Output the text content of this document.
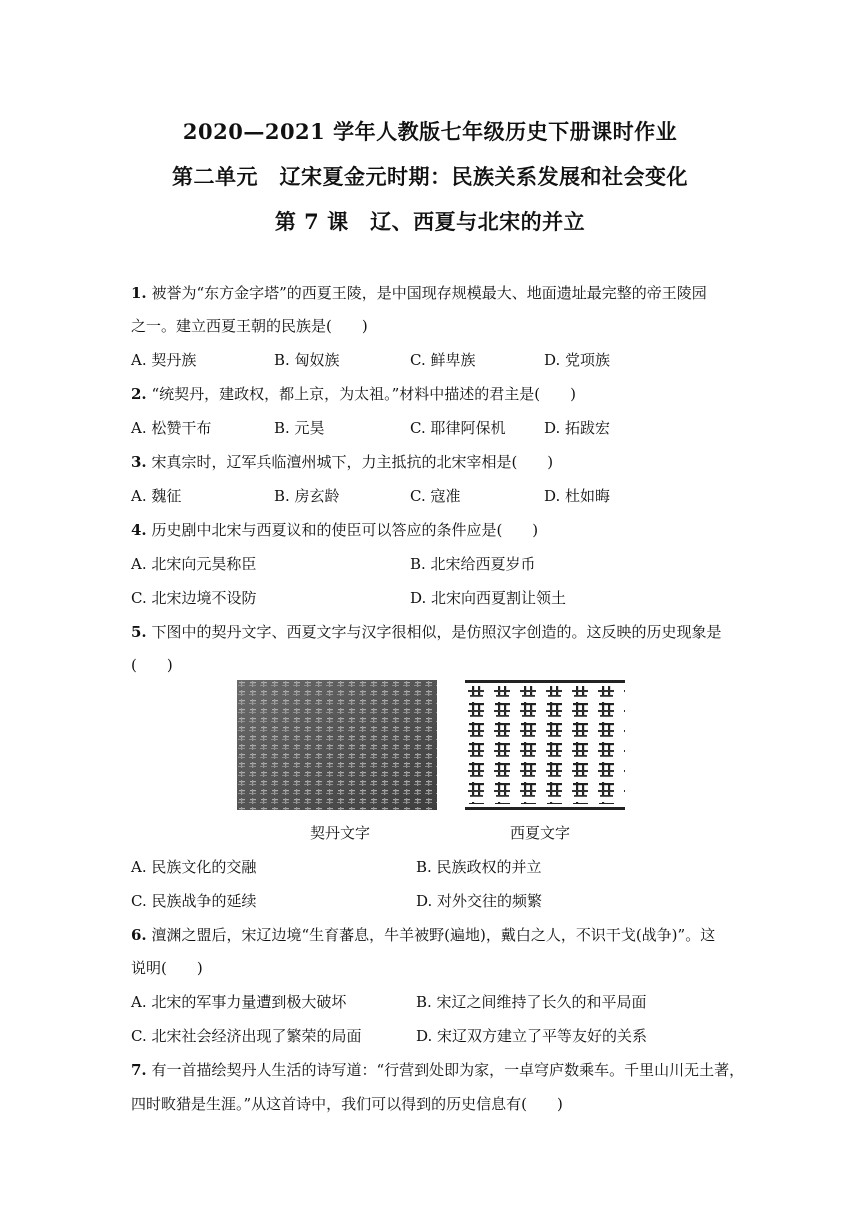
2020—2021 学年人教版七年级历史下册课时作业
第二单元　辽宋夏金元时期：民族关系发展和社会变化
第 7 课　辽、西夏与北宋的并立
1. 被誉为“东方金字塔”的西夏王陵，是中国现存规模最大、地面遗址最完整的帝王陵园
之一。建立西夏王朝的民族是(　　)
A. 契丹族	B. 匈奴族	C. 鲜卑族	D. 党项族
2. “统契丹，建政权，都上京，为太祖。”材料中描述的君主是(　　)
A. 松赞干布	B. 元昊	C. 耶律阿保机	D. 拓跋宏
3. 宋真宗时，辽军兵临澶州城下，力主抵抗的北宋宰相是(　　)
A. 魏征	B. 房玄龄	C. 寇准	D. 杜如晦
4. 历史剧中北宋与西夏议和的使臣可以答应的条件应是(　　)
A. 北宋向元昊称臣	B. 北宋给西夏岁币
C. 北宋边境不设防	D. 北宋向西夏割让领土
5. 下图中的契丹文字、西夏文字与汉字很相似，是仿照汉字创造的。这反映的历史现象是
(　　)
契丹文字	西夏文字
A. 民族文化的交融	B. 民族政权的并立
C. 民族战争的延续	D. 对外交往的频繁
6. 澶渊之盟后，宋辽边境“生育蕃息，牛羊被野(遍地)，戴白之人，不识干戈(战争)”。这
说明(　　)
A. 北宋的军事力量遭到极大破坏	B. 宋辽之间维持了长久的和平局面
C. 北宋社会经济出现了繁荣的局面	D. 宋辽双方建立了平等友好的关系
7. 有一首描绘契丹人生活的诗写道：“行营到处即为家，一卓穹庐数乘车。千里山川无土著，
四时畋猎是生涯。”从这首诗中，我们可以得到的历史信息有(　　)
